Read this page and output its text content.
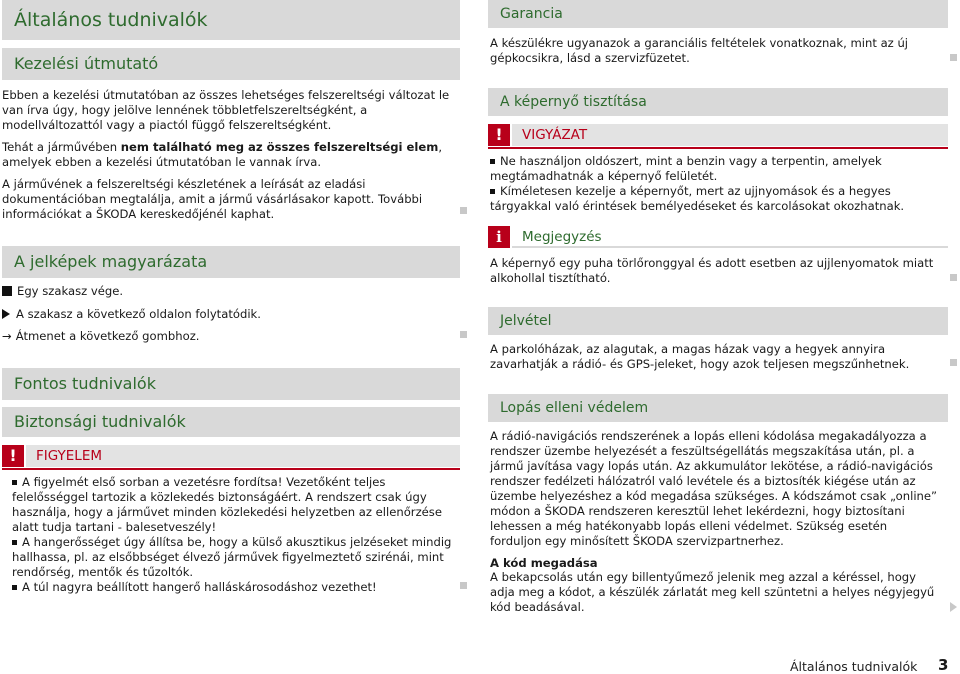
Általános tudnivalók
Kezelési útmutató

Ebben a kezelési útmutatóban az összes lehetséges felszereltségi változat le van írva úgy, hogy jelölve lennének többletfelszereltségként, a modellváltozattól vagy a piactól függő felszereltségként.

Tehát a járművében nem található meg az összes felszereltségi elem, amelyek ebben a kezelési útmutatóban le vannak írva.

A járművének a felszereltségi készletének a leírását az eladási dokumentációban megtalálja, amit a jármű vásárlásakor kapott. További információkat a ŠKODA kereskedőjénél kaphat.

A jelképek magyarázata
Egy szakasz vége.
A szakasz a következő oldalon folytatódik.
→ Átmenet a következő gombhoz.
Fontos tudnivalók
Biztonsági tudnivalók
!	FIGYELEM

A figyelmét első sorban a vezetésre fordítsa! Vezetőként teljes felelősséggel tartozik a közlekedés biztonságáért. A rendszert csak úgy használja, hogy a járművet minden közlekedési helyzetben az ellenőrzése alatt tudja tartani - balesetveszély!

A hangerősséget úgy állítsa be, hogy a külső akusztikus jelzéseket mindig hallhassa, pl. az elsőbbséget élvező járművek figyelmeztető szirénái, mint rendőrség, mentők és tűzoltók.

A túl nagyra beállított hangerő halláskárosodáshoz vezethet!

Garancia

A készülékre ugyanazok a garanciális feltételek vonatkoznak, mint az új gépkocsikra, lásd a szervizfüzetet.

A képernyő tisztítása
!	VIGYÁZAT

Ne használjon oldószert, mint a benzin vagy a terpentin, amelyek megtámadhatnák a képernyő felületét.

Kíméletesen kezelje a képernyőt, mert az ujjnyomások és a hegyes tárgyakkal való érintések bemélyedéseket és karcolásokat okozhatnak.

i	Megjegyzés

A képernyő egy puha törlőronggyal és adott esetben az ujjlenyomatok miatt alkohollal tisztítható.

Jelvétel

A parkolóházak, az alagutak, a magas házak vagy a hegyek annyira zavarhatják a rádió- és GPS-jeleket, hogy azok teljesen megszűnhetnek.

Lopás elleni védelem

A rádió-navigációs rendszerének a lopás elleni kódolása megakadályozza a rendszer üzembe helyezését a feszültségellátás megszakítása után, pl. a jármű javítása vagy lopás után. Az akkumulátor lekötése, a rádió-navigációs rendszer fedélzeti hálózatról való levétele és a biztosíték kiégése után az üzembe helyezéshez a kód megadása szükséges. A kódszámot csak „online” módon a ŠKODA rendszeren keresztül lehet lekérdezni, hogy biztosítani lehessen a még hatékonyabb lopás elleni védelmet. Szükség esetén forduljon egy minősített ŠKODA szervizpartnerhez.

A kód megadása

A bekapcsolás után egy billentyűmező jelenik meg azzal a kéréssel, hogy adja meg a kódot, a készülék zárlatát meg kell szüntetni a helyes négyjegyű kód beadásával.

Általános tudnivalók 3
